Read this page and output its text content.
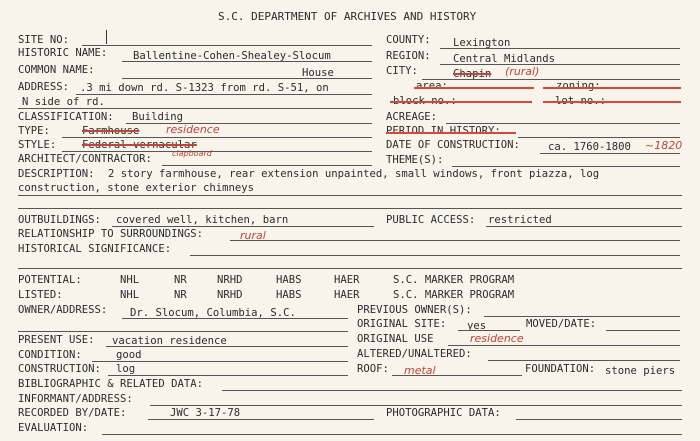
S.C. DEPARTMENT OF ARCHIVES AND HISTORY
SITE NO:
HISTORIC NAME: Ballentine-Cohen-Shealey-Slocum
COMMON NAME:	House
ADDRESS: .3 mi down rd. S-1323 from rd. S-51, on
N side of rd.
CLASSIFICATION: Building
TYPE:	Farmhouse residence
STYLE: Federal vernacular
ARCHITECT/CONTRACTOR:	clapboard
DESCRIPTION: 2 story farmhouse, rear extension unpainted, small windows, front piazza, log
construction, stone exterior chimneys
COUNTY: Lexington
REGION: Central Midlands
CITY:	Chapin (rural)
area:	zoning:
block no.:	lot no.:
ACREAGE:
PERIOD IN HISTORY:
DATE OF CONSTRUCTION:	ca. 1760-1800 ~1820
THEME(S):
OUTBUILDINGS: covered well, kitchen, barn	PUBLIC ACCESS: restricted
RELATIONSHIP TO SURROUNDINGS:	rural
HISTORICAL SIGNIFICANCE:
POTENTIAL:	NHL	NR	NRHD	HABS	HAER	S.C. MARKER PROGRAM
LISTED:	NHL	NR	NRHD	HABS	HAER	S.C. MARKER PROGRAM
OWNER/ADDRESS: Dr. Slocum, Columbia, S.C.
PRESENT USE: vacation residence
CONDITION:	good
CONSTRUCTION: log
PREVIOUS OWNER(S):
ORIGINAL SITE: yes	MOVED/DATE:
ORIGINAL USE	residence
ALTERED/UNALTERED:
ROOF: metal	FOUNDATION: stone piers
BIBLIOGRAPHIC & RELATED DATA:
INFORMANT/ADDRESS:
RECORDED BY/DATE:	JWC 3-17-78	PHOTOGRAPHIC DATA:
EVALUATION:
